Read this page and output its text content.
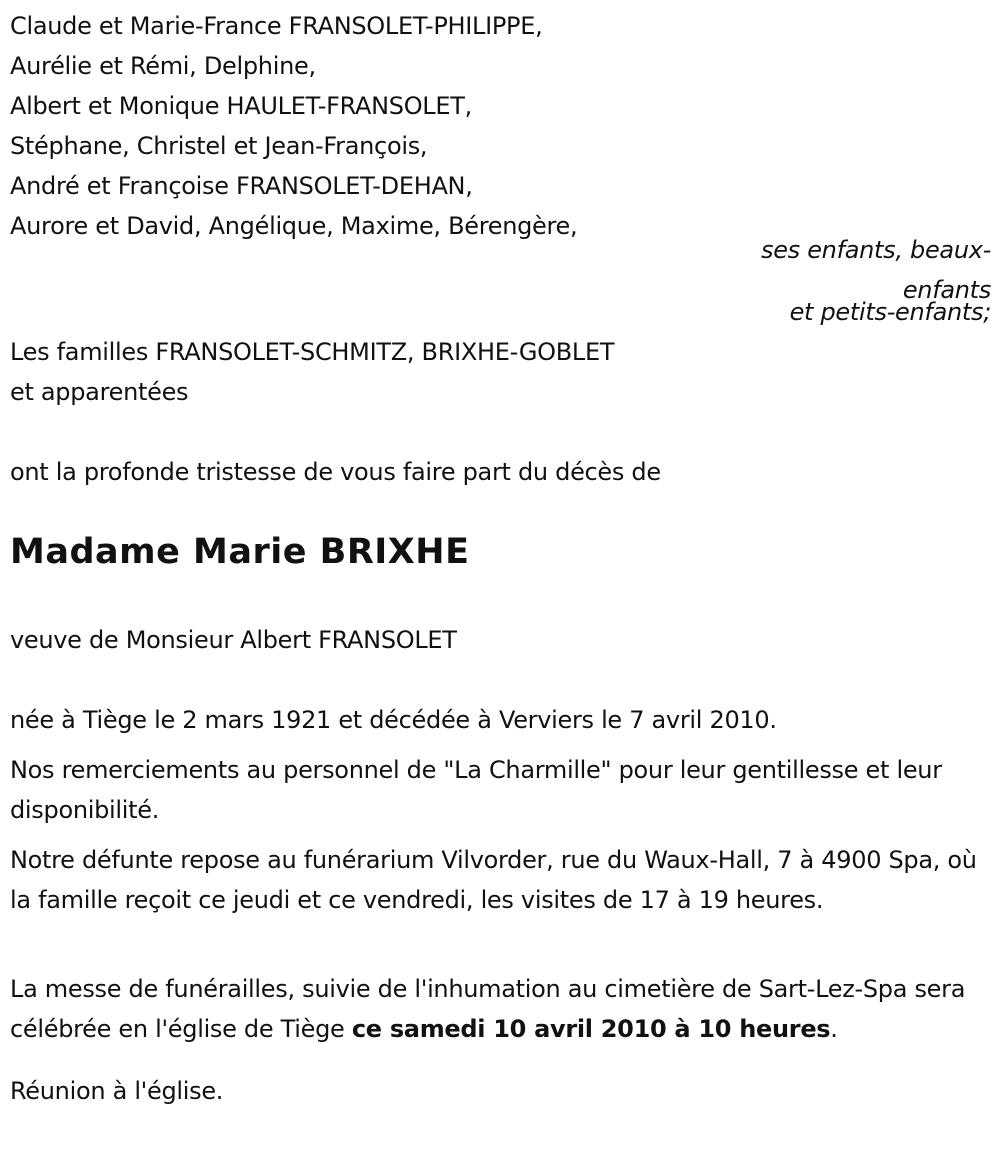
Claude et Marie-France FRANSOLET-PHILIPPE,
Aurélie et Rémi, Delphine,
Albert et Monique HAULET-FRANSOLET,
Stéphane, Christel et Jean-François,
André et Françoise FRANSOLET-DEHAN,
Aurore et David, Angélique, Maxime, Bérengère,
ses enfants, beaux-
enfants
et petits-enfants;
Les familles FRANSOLET-SCHMITZ, BRIXHE-GOBLET
et apparentées
ont la profonde tristesse de vous faire part du décès de
Madame Marie BRIXHE
veuve de Monsieur Albert FRANSOLET
née à Tiège le 2 mars 1921 et décédée à Verviers le 7 avril 2010.
Nos remerciements au personnel de "La Charmille" pour leur gentillesse et leur disponibilité.
Notre défunte repose au funérarium Vilvorder, rue du Waux-Hall, 7 à 4900 Spa, où la famille reçoit ce jeudi et ce vendredi, les visites de 17 à 19 heures.
La messe de funérailles, suivie de l'inhumation au cimetière de Sart-Lez-Spa sera célébrée en l'église de Tiège ce samedi 10 avril 2010 à 10 heures.
Réunion à l'église.
